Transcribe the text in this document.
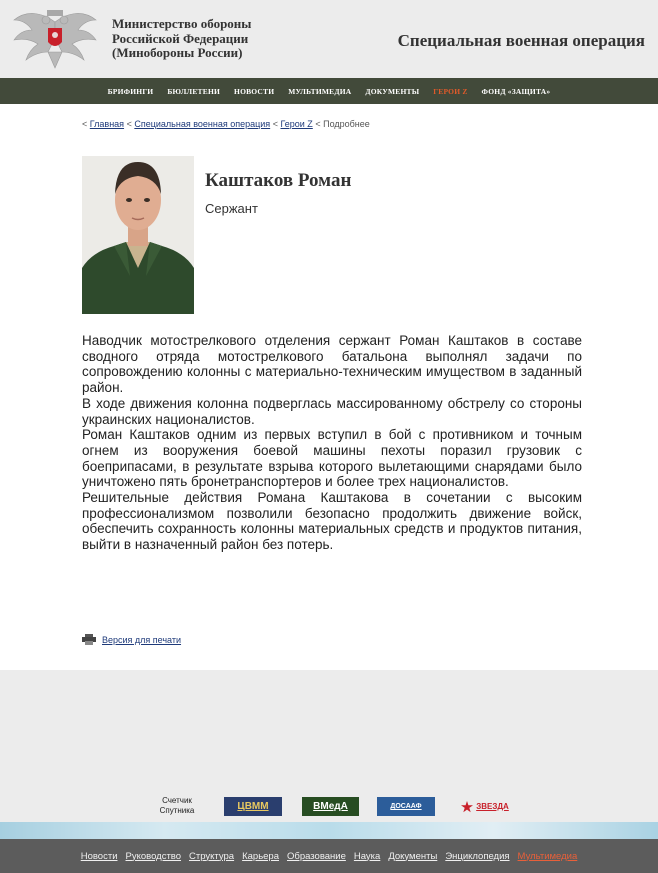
Министерство обороны
Российской Федерации
(Минобороны России)
Специальная военная операция
БРИФИНГИ БЮЛЛЕТЕНИ НОВОСТИ МУЛЬТИМЕДИА ДОКУМЕНТЫ ГЕРОИ Z ФОНД «ЗАЩИТА»
< Главная < Специальная военная операция < Герои Z < Подробнее
Каштаков Роман
Сержант

Наводчик мотострелкового отделения сержант Роман Каштаков в составе сводного отряда мотострелкового батальона выполнял задачи по сопровождению колонны с материально-техническим имуществом в заданный район.

В ходе движения колонна подверглась массированному обстрелу со стороны украинских националистов.

Роман Каштаков одним из первых вступил в бой с противником и точным огнем из вооружения боевой машины пехоты поразил грузовик с боеприпасами, в результате взрыва которого вылетающими снарядами было уничтожено пять бронетранспортеров и более трех националистов.

Решительные действия Романа Каштакова в сочетании с высоким профессионализмом позволили безопасно продолжить движение войск, обеспечить сохранность колонны материальных средств и продуктов питания, выйти в назначенный район без потерь.

Версия для печати
Счетчик
Спутника	ЦВММ	ВМедА	ДОСААФ	ЗВЕЗДА
Новости Руководство Структура Карьера Образование Наука Документы Энциклопедия Мультимедиа
